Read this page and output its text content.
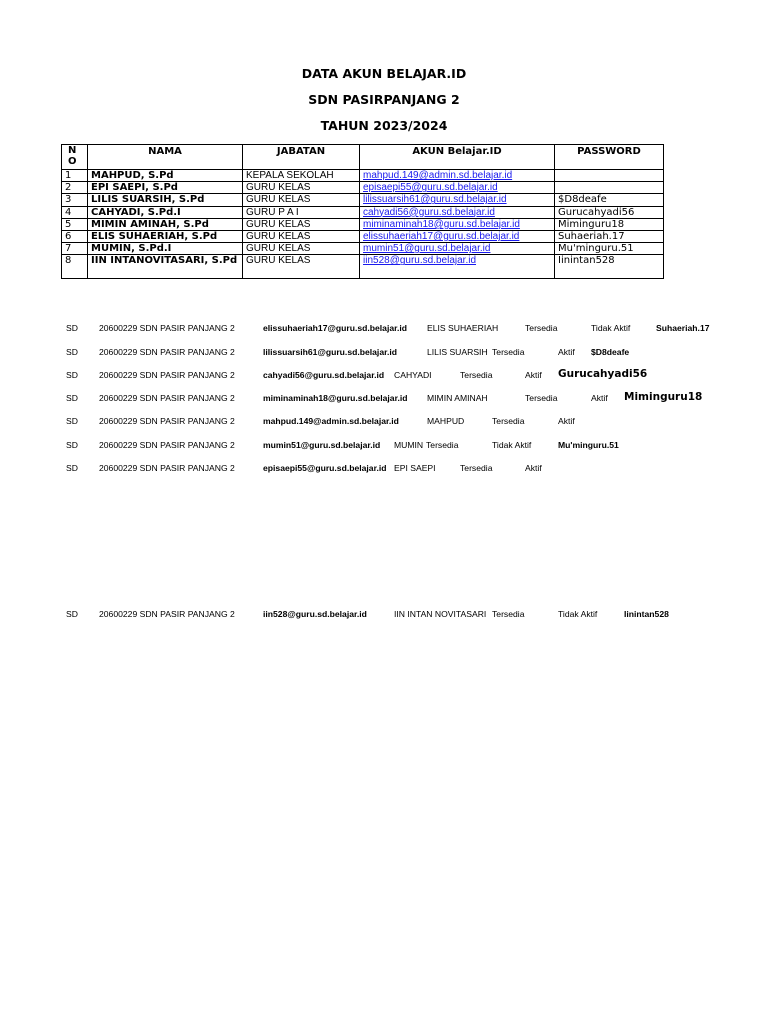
DATA AKUN BELAJAR.ID
SDN PASIRPANJANG 2
TAHUN 2023/2024
N
O	NAMA	JABATAN	AKUN Belajar.ID	PASSWORD
1	MAHPUD, S.Pd	KEPALA SEKOLAH	mahpud.149@admin.sd.belajar.id	
2	EPI SAEPI, S.Pd	GURU KELAS	episaepi55@guru.sd.belajar.id	
3	LILIS SUARSIH, S.Pd	GURU KELAS	lilissuarsih61@guru.sd.belajar.id	$D8deafe
4	CAHYADI, S.Pd.I	GURU P A I	cahyadi56@guru.sd.belajar.id	Gurucahyadi56
5	MIMIN AMINAH, S.Pd	GURU KELAS	miminaminah18@guru.sd.belajar.id	Miminguru18
6	ELIS SUHAERIAH, S.Pd	GURU KELAS	elissuhaeriah17@guru.sd.belajar.id	Suhaeriah.17
7	MUMIN, S.Pd.I	GURU KELAS	mumin51@guru.sd.belajar.id	Mu'minguru.51
8	IIN INTANOVITASARI, S.Pd	GURU KELAS	iin528@guru.sd.belajar.id	Iinintan528
SD 20600229 SDN PASIR PANJANG 2	elissuhaeriah17@guru.sd.belajar.id ELIS SUHAERIAH	Tersedia	Tidak Aktif	Suhaeriah.17
SD 20600229 SDN PASIR PANJANG 2	lilissuarsih61@guru.sd.belajar.id	LILIS SUARSIH Tersedia	Aktif $D8deafe
SD 20600229 SDN PASIR PANJANG 2	cahyadi56@guru.sd.belajar.id CAHYADI	Tersedia	Aktif Gurucahyadi56
SD 20600229 SDN PASIR PANJANG 2	miminaminah18@guru.sd.belajar.id MIMIN AMINAH	Tersedia	Aktif Miminguru18
SD 20600229 SDN PASIR PANJANG 2	mahpud.149@admin.sd.belajar.id	MAHPUD	Tersedia	Aktif
SD 20600229 SDN PASIR PANJANG 2	mumin51@guru.sd.belajar.id MUMIN Tersedia	Tidak Aktif	Mu'minguru.51
SD 20600229 SDN PASIR PANJANG 2	episaepi55@guru.sd.belajar.id EPI SAEPI	Tersedia	Aktif
SD 20600229 SDN PASIR PANJANG 2	iin528@guru.sd.belajar.id	IIN INTAN NOVITASARI Tersedia	Tidak Aktif	Iinintan528
